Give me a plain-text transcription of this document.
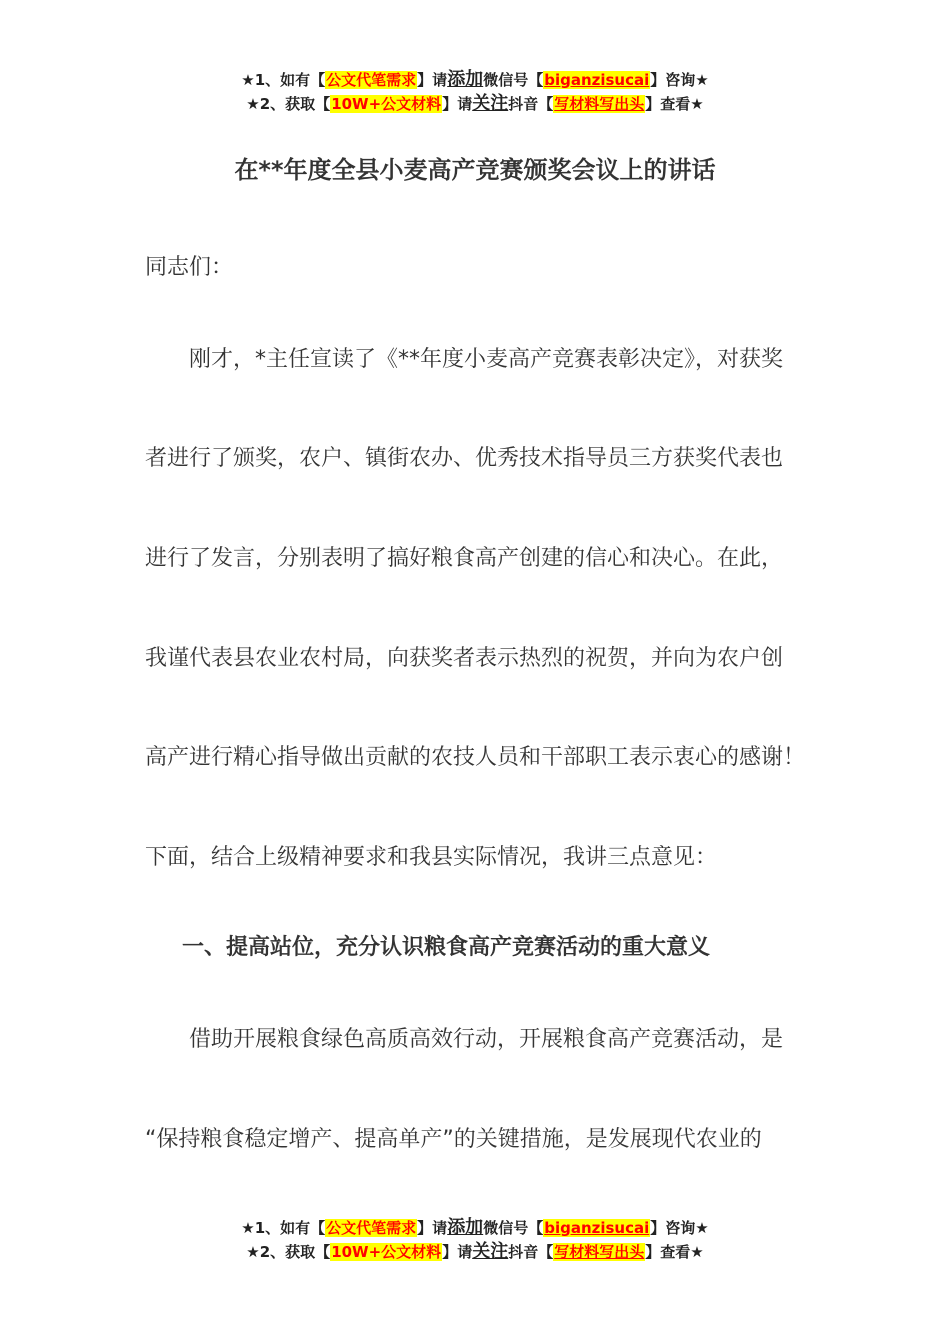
★1、如有【公文代笔需求】请添加微信号【biganzisucai】咨询★
★2、获取【10W+公文材料】请关注抖音【写材料写出头】查看★
在**年度全县小麦高产竞赛颁奖会议上的讲话
同志们：
　　刚才，*主任宣读了《**年度小麦高产竞赛表彰决定》，对获奖
者进行了颁奖，农户、镇街农办、优秀技术指导员三方获奖代表也
进行了发言，分别表明了搞好粮食高产创建的信心和决心。在此，
我谨代表县农业农村局，向获奖者表示热烈的祝贺，并向为农户创
高产进行精心指导做出贡献的农技人员和干部职工表示衷心的感谢！
下面，结合上级精神要求和我县实际情况，我讲三点意见：
一、提高站位，充分认识粮食高产竞赛活动的重大意义
　　借助开展粮食绿色高质高效行动，开展粮食高产竞赛活动，是
“保持粮食稳定增产、提高单产”的关键措施，是发展现代农业的
★1、如有【公文代笔需求】请添加微信号【biganzisucai】咨询★
★2、获取【10W+公文材料】请关注抖音【写材料写出头】查看★
